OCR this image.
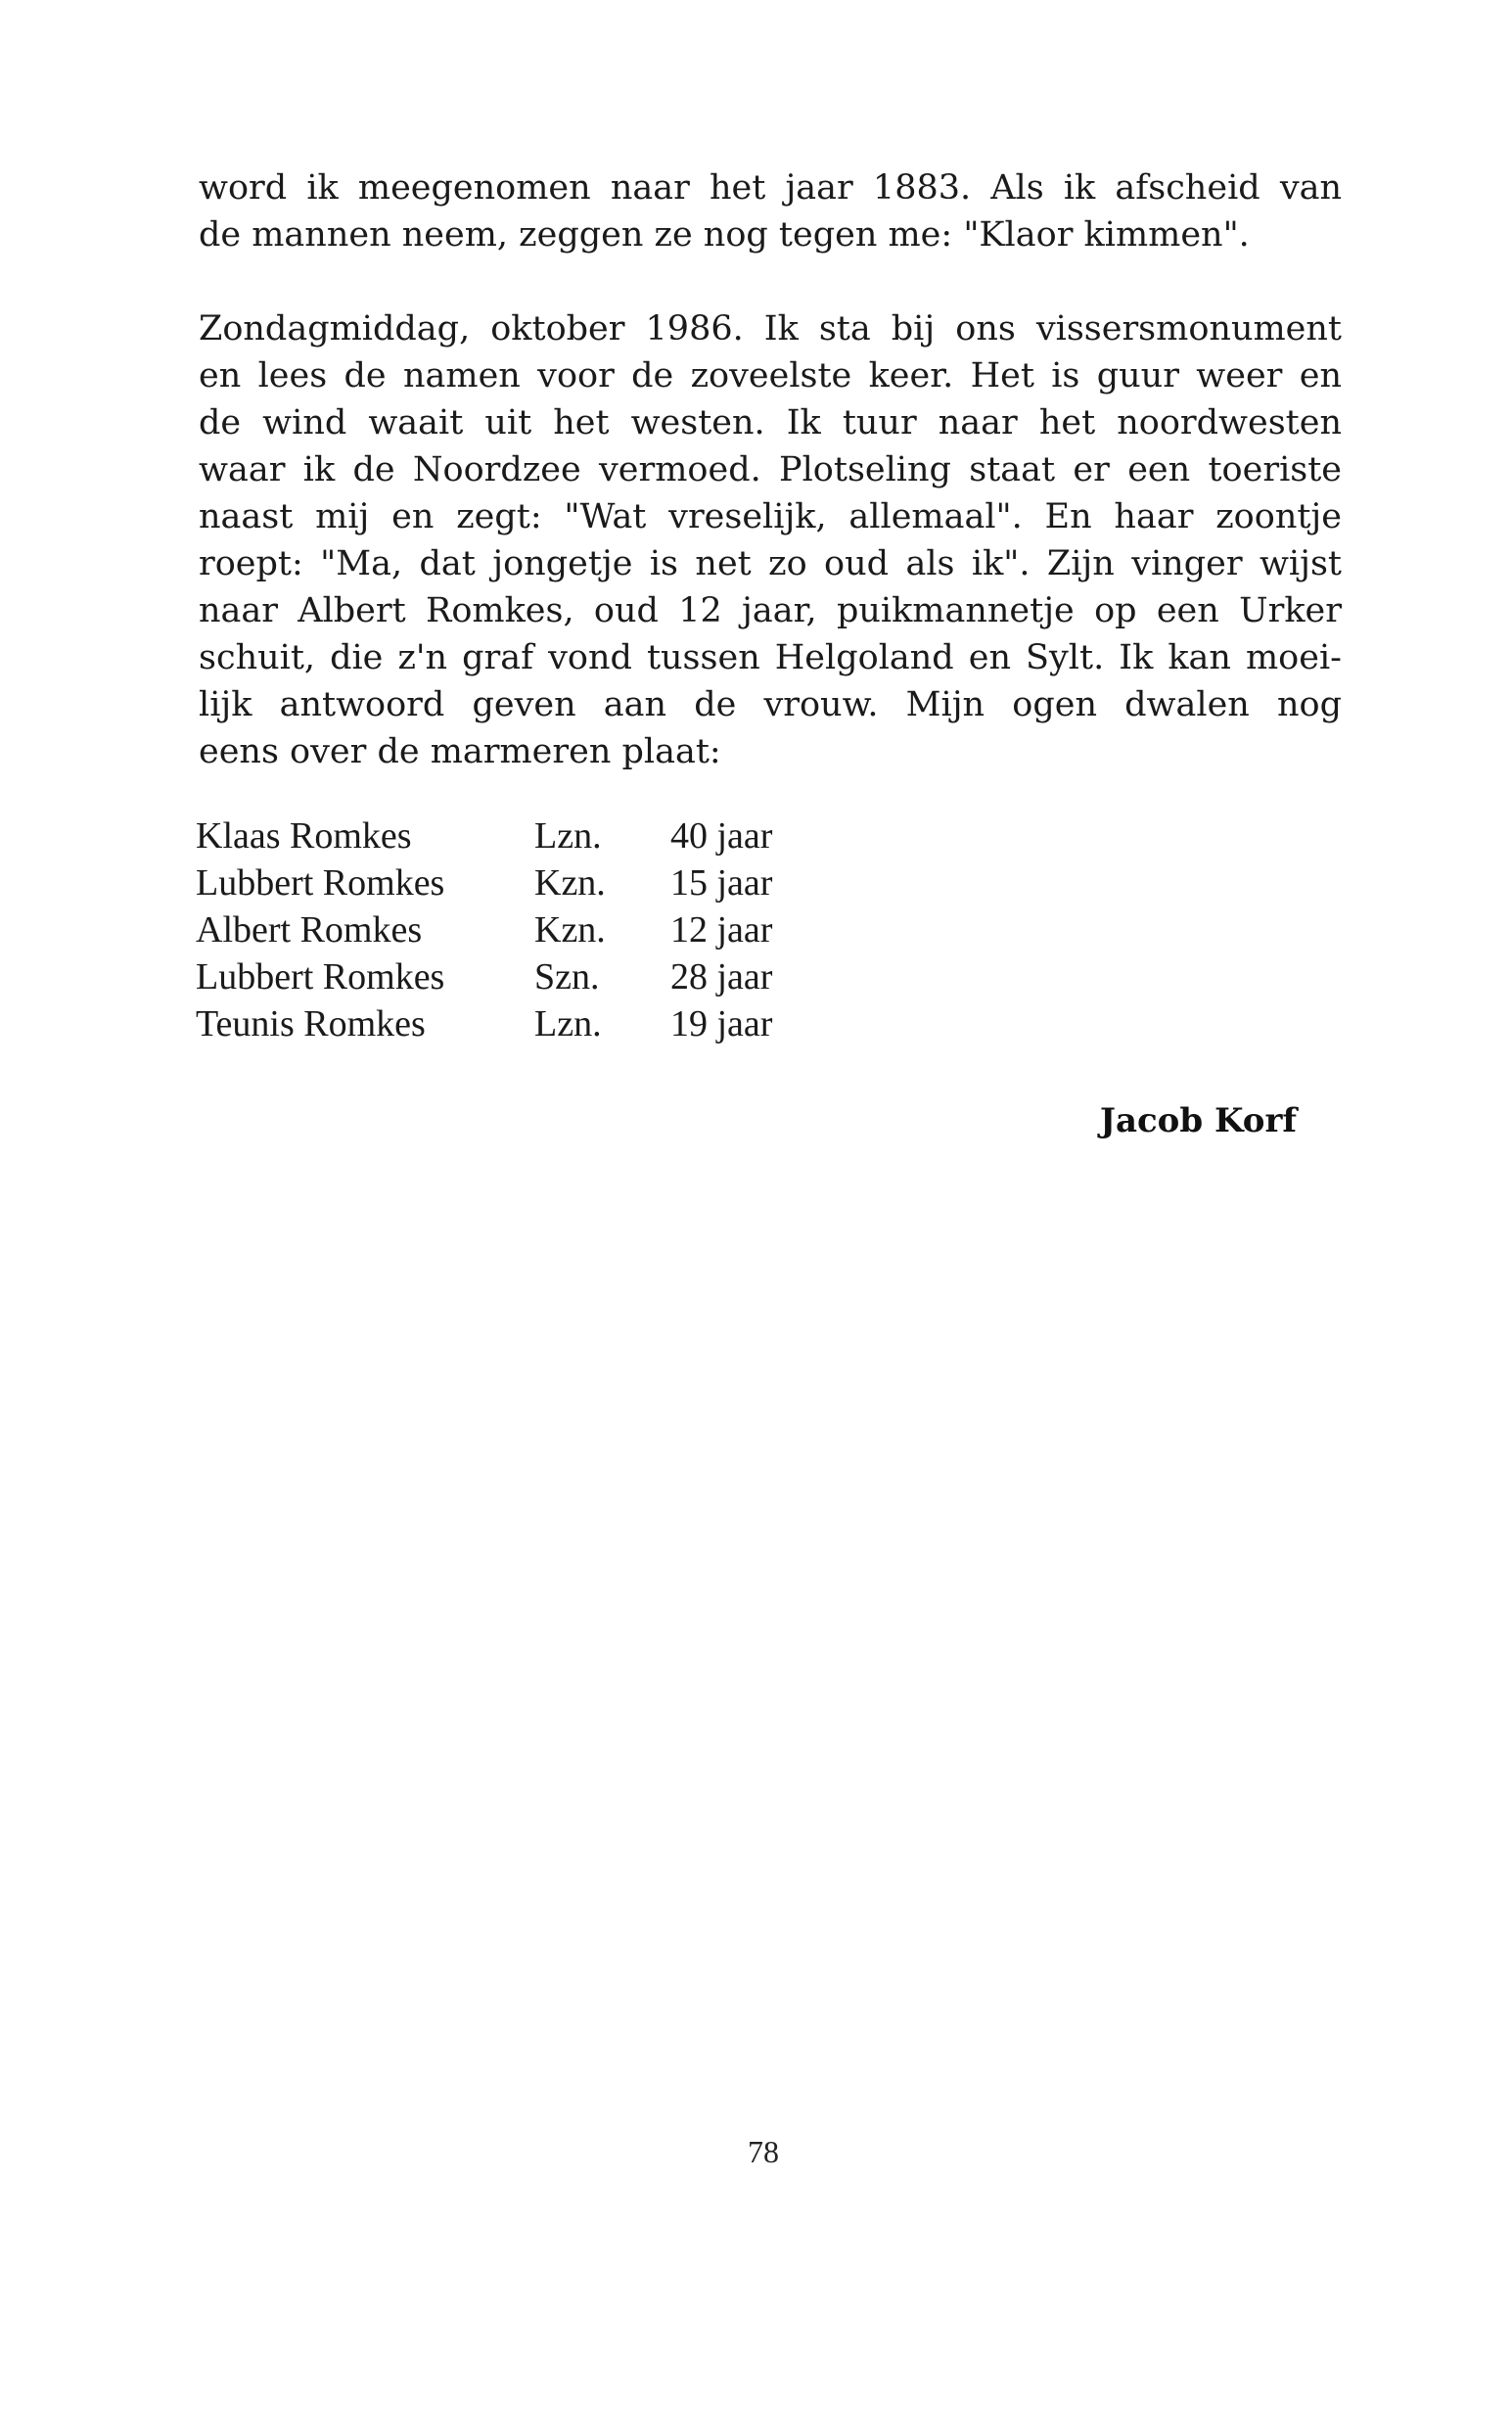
word ik meegenomen naar het jaar 1883. Als ik afscheid van
de mannen neem, zeggen ze nog tegen me: "Klaor kimmen".
Zondagmiddag, oktober 1986. Ik sta bij ons vissersmonument
en lees de namen voor de zoveelste keer. Het is guur weer en
de wind waait uit het westen. Ik tuur naar het noordwesten
waar ik de Noordzee vermoed. Plotseling staat er een toeriste
naast mij en zegt: "Wat vreselijk, allemaal". En haar zoontje
roept: "Ma, dat jongetje is net zo oud als ik". Zijn vinger wijst
naar Albert Romkes, oud 12 jaar, puikmannetje op een Urker
schuit, die z'n graf vond tussen Helgoland en Sylt. Ik kan moei-
lijk antwoord geven aan de vrouw. Mijn ogen dwalen nog
eens over de marmeren plaat:
Klaas Romkes	Lzn.	40 jaar
Lubbert Romkes	Kzn.	15 jaar
Albert Romkes	Kzn.	12 jaar
Lubbert Romkes	Szn.	28 jaar
Teunis Romkes	Lzn.	19 jaar
Jacob Korf
78
